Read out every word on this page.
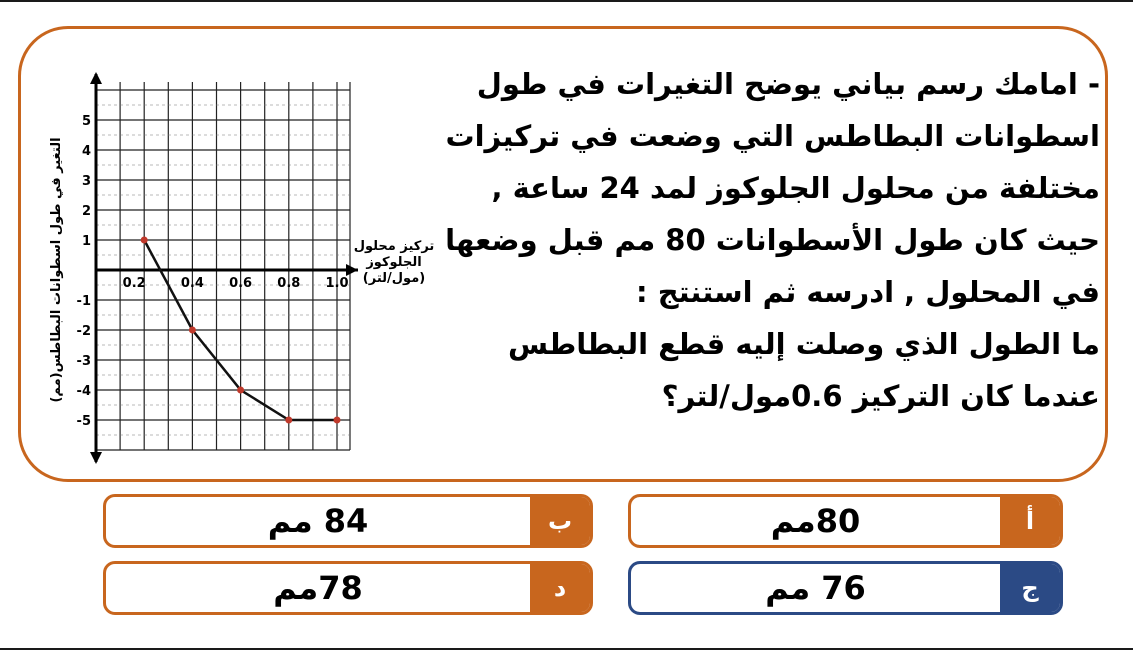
- امامك رسم بياني يوضح التغيرات في طول
اسطوانات البطاطس التي وضعت في تركيزات
مختلفة من محلول الجلوكوز لمد 24 ساعة ,
حيث كان طول الأسطوانات 80 مم قبل وضعها
في المحلول , ادرسه ثم استنتج :
ما الطول الذي وصلت إليه قطع البطاطس
عندما كان التركيز 0.6مول/لتر؟
5
4
3
2
1
-1
-2
-3
-4
-5
0.2	0.4 0.6 0.8 1.0
التغير في طول اسطوانات البطاطس(مم)	تركيز محلول
الجلوكوز
(مول/لتر)
80مم	أ
84 مم	ب
76 مم	ج
78مم	د
